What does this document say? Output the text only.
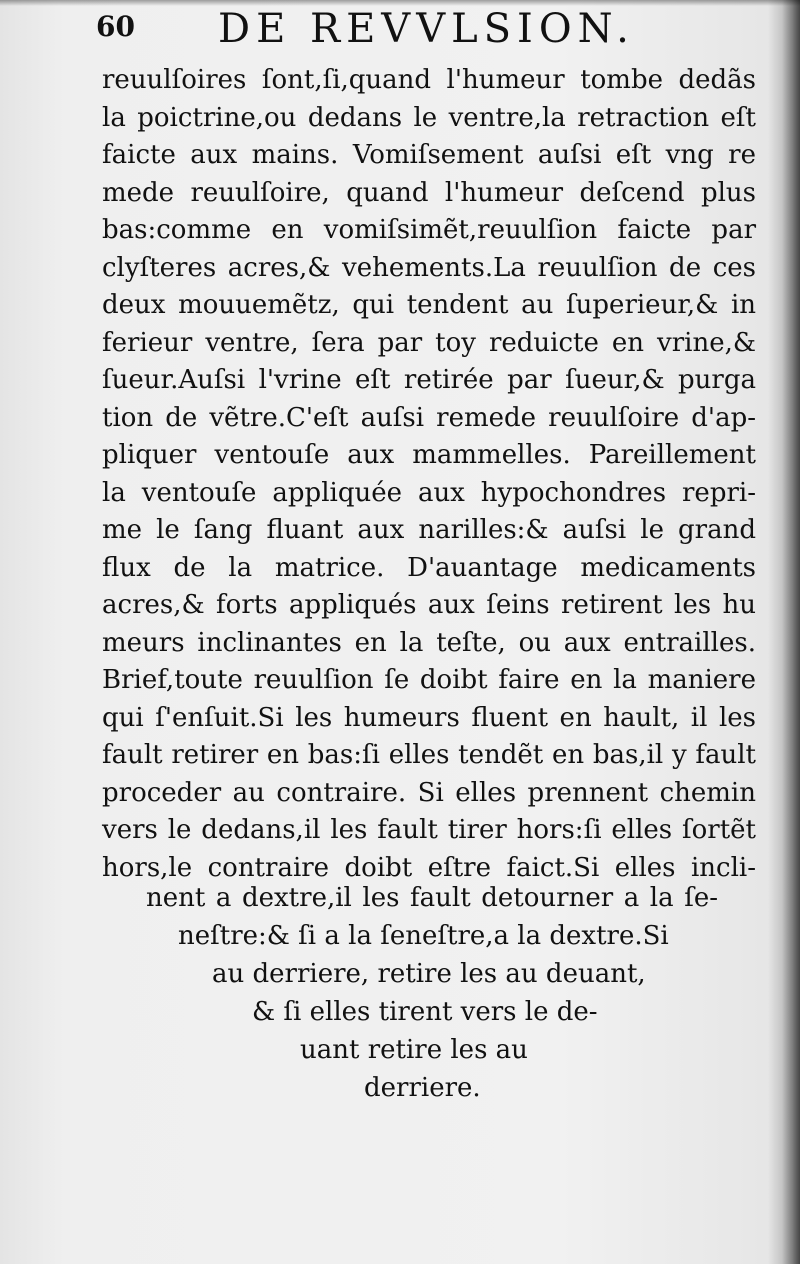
60 DE REVVLSION.
reuulſoires ſont,ſi,quand l'humeur tombe dedãs
la poictrine,ou dedans le ventre,la retraction eſt
faicte aux mains. Vomiſsement auſsi eſt vng re
mede reuulſoire, quand l'humeur deſcend plus
bas:comme en vomiſsimẽt,reuulſion faicte par
clyſteres acres,& vehements.La reuulſion de ces
deux mouuemẽtz, qui tendent au ſuperieur,& in
ferieur ventre, ſera par toy reduicte en vrine,&
ſueur.Auſsi l'vrine eſt retirée par ſueur,& purga
tion de vẽtre.C'eſt auſsi remede reuulſoire d'ap-
pliquer ventouſe aux mammelles. Pareillement
la ventouſe appliquée aux hypochondres repri-
me le ſang fluant aux narilles:& auſsi le grand
flux de la matrice. D'auantage medicaments
acres,& forts appliqués aux ſeins retirent les hu
meurs inclinantes en la teſte, ou aux entrailles.
Brief,toute reuulſion ſe doibt faire en la maniere
qui ſ'enſuit.Si les humeurs fluent en hault, il les
fault retirer en bas:ſi elles tendẽt en bas,il y fault
proceder au contraire. Si elles prennent chemin
vers le dedans,il les fault tirer hors:ſi elles ſortẽt
hors,le contraire doibt eſtre faict.Si elles incli-
nent a dextre,il les fault detourner a la ſe-
neſtre:& ſi a la ſeneſtre,a la dextre.Si
au derriere, retire les au deuant,
& ſi elles tirent vers le de-
uant retire les au
derriere.
